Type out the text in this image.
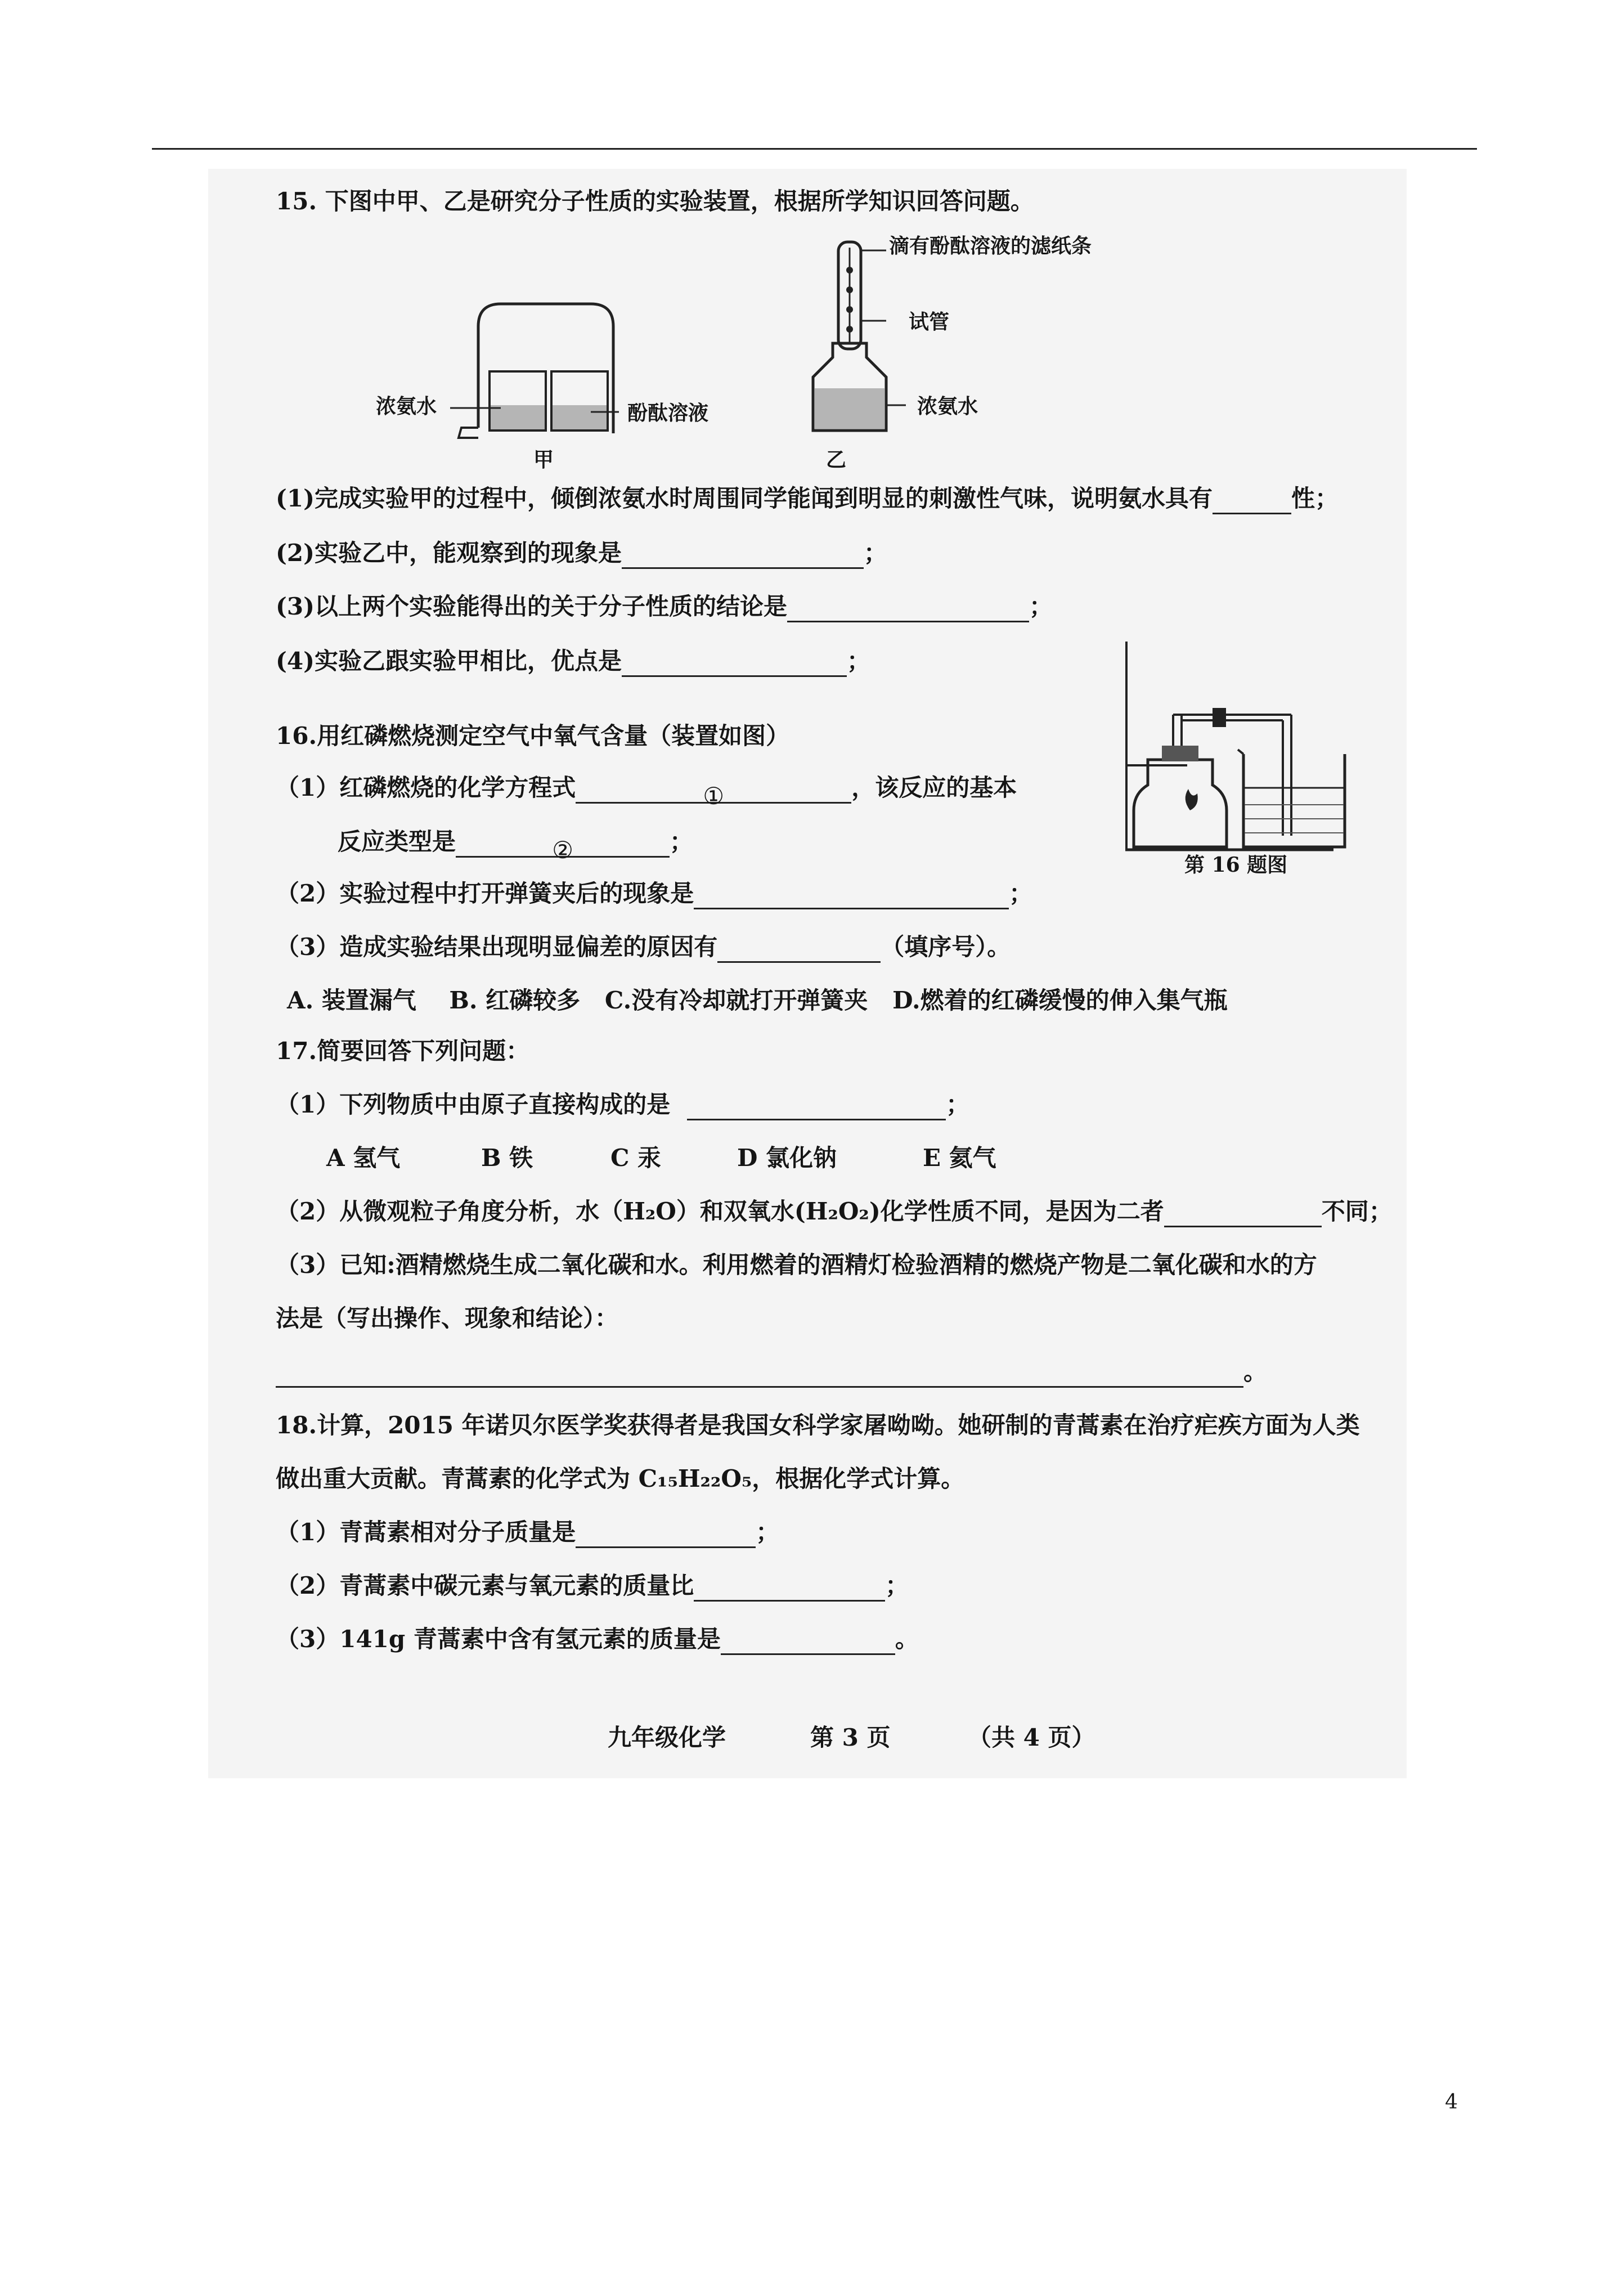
15. 下图中甲、乙是研究分子性质的实验装置，根据所学知识回答问题。
浓氨水	酚酞溶液
甲
滴有酚酞溶液的滤纸条
试管
浓氨水
乙
(1)完成实验甲的过程中，倾倒浓氨水时周围同学能闻到明显的刺激性气味，说明氨水具有	性；
(2)实验乙中，能观察到的现象是	；
(3)以上两个实验能得出的关于分子性质的结论是	；
(4)实验乙跟实验甲相比，优点是	；
16.用红磷燃烧测定空气中氧气含量（装置如图）
（1）红磷燃烧的化学方程式	①	，该反应的基本
反应类型是	②	；
第 16 题图
（2）实验过程中打开弹簧夹后的现象是	；
（3）造成实验结果出现明显偏差的原因有	（填序号）。
A. 装置漏气    B. 红磷较多   C.没有冷却就打开弹簧夹   D.燃着的红磷缓慢的伸入集气瓶
17.简要回答下列问题：
（1）下列物质中由原子直接构成的是	；
A 氢气	B 铁	C 汞	D 氯化钠	E 氦气
（2）从微观粒子角度分析，水（H₂O）和双氧水(H₂O₂)化学性质不同，是因为二者	不同；
（3）已知:酒精燃烧生成二氧化碳和水。利用燃着的酒精灯检验酒精的燃烧产物是二氧化碳和水的方
法是（写出操作、现象和结论）：
。
18.计算，2015 年诺贝尔医学奖获得者是我国女科学家屠呦呦。她研制的青蒿素在治疗疟疾方面为人类
做出重大贡献。青蒿素的化学式为 C₁₅H₂₂O₅，根据化学式计算。
（1）青蒿素相对分子质量是	；
（2）青蒿素中碳元素与氧元素的质量比	；
（3）141g 青蒿素中含有氢元素的质量是	。
九年级化学	第 3 页	（共 4 页）
4
